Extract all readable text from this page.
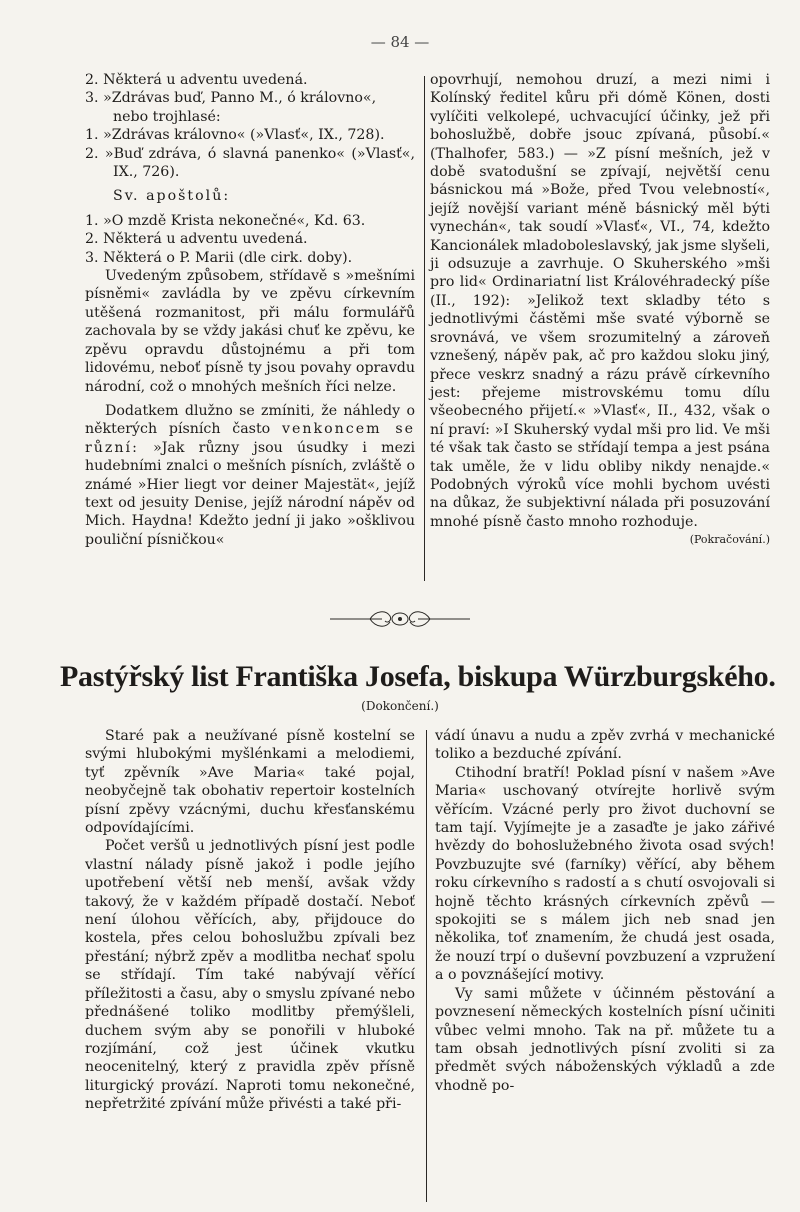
— 84 —

2. Některá u adventu uvedená.

3. »Zdrávas buď, Panno M., ó královno«, nebo trojhlasé:

1. »Zdrávas královno« (»Vlasť«, IX., 728).

2. »Buď zdráva, ó slavná panenko« (»Vlasť«, IX., 726).

Sv. apoštolů:

1. »O mzdě Krista nekonečné«, Kd. 63.

2. Některá u adventu uvedená.

3. Některá o P. Marii (dle cirk. doby).

Uvedeným způsobem, střídavě s »mešními písněmi« zavládla by ve zpěvu církevním utěšená rozmanitost, při málu formulářů zachovala by se vždy jakási chuť ke zpěvu, ke zpěvu opravdu důstojnému a při tom lidovému, neboť písně ty jsou povahy opravdu národní, což o mnohých mešních říci nelze.

Dodatkem dlužno se zmíniti, že náhledy o některých písních často venkoncem se různí: »Jak různy jsou úsudky i mezi hudebními znalci o mešních písních, zvláště o známé »Hier liegt vor deiner Majestät«, jejíž text od jesuity Denise, jejíž národní nápěv od Mich. Haydna! Kdežto jední ji jako »ošklivou pouliční písničkou«

opovrhují, nemohou druzí, a mezi nimi i Kolínský ředitel kůru při dómě Könen, dosti vylíčiti velkolepé, uchvacující účinky, jež při bohoslužbě, dobře jsouc zpívaná, působí.« (Thalhofer, 583.) — »Z písní mešních, jež v době svatodušní se zpívají, největší cenu básnickou má »Bože, před Tvou velebností«, jejíž novější variant méně básnický měl býti vynechán«, tak soudí »Vlasť«, VI., 74, kdežto Kancionálek mladoboleslavský, jak jsme slyšeli, ji odsuzuje a zavrhuje. O Skuherského »mši pro lid« Ordinariatní list Královéhradecký píše (II., 192): »Jelikož text skladby této s jednotlivými částěmi mše svaté výborně se srovnává, ve všem srozumitelný a zároveň vznešený, nápěv pak, ač pro každou sloku jiný, přece veskrz snadný a rázu právě církevního jest: přejeme mistrovskému tomu dílu všeobecného přijetí.« »Vlasť«, II., 432, však o ní praví: »I Skuherský vydal mši pro lid. Ve mši té však tak často se střídají tempa a jest psána tak uměle, že v lidu obliby nikdy nenajde.« Podobných výroků více mohli bychom uvésti na důkaz, že subjektivní nálada při posuzování mnohé písně často mnoho rozhoduje.

(Pokračování.)

Pastýřský list Františka Josefa, biskupa Würzburgského.
(Dokončení.)

Staré pak a neužívané písně kostelní se svými hlubokými myšlénkami a melodiemi, tyť zpěvník »Ave Maria« také pojal, neobyčejně tak obohativ repertoir kostelních písní zpěvy vzácnými, duchu křesťanskému odpovídajícími.

Počet veršů u jednotlivých písní jest podle vlastní nálady písně jakož i podle jejího upotřebení větší neb menší, avšak vždy takový, že v každém případě dostačí. Neboť není úlohou věřících, aby, přijdouce do kostela, přes celou bohoslužbu zpívali bez přestání; nýbrž zpěv a modlitba nechať spolu se střídají. Tím také nabývají věřící příležitosti a času, aby o smyslu zpívané nebo přednášené toliko modlitby přemýšleli, duchem svým aby se ponořili v hluboké rozjímání, což jest účinek vkutku neocenitelný, který z pravidla zpěv přísně liturgický provází. Naproti tomu nekonečné, nepřetržité zpívání může přivésti a také při-

vádí únavu a nudu a zpěv zvrhá v mechanické toliko a bezduché zpívání.

Ctihodní bratří! Poklad písní v našem »Ave Maria« uschovaný otvírejte horlivě svým věřícím. Vzácné perly pro život duchovní se tam tají. Vyjímejte je a zasaďte je jako zářivé hvězdy do bohoslužebného života osad svých! Povzbuzujte své (farníky) věřící, aby během roku církevního s radostí a s chutí osvojovali si hojně těchto krásných církevních zpěvů — spokojiti se s málem jich neb snad jen několika, toť znamením, že chudá jest osada, že nouzí trpí o duševní povzbuzení a vzpružení a o povznášející motivy.

Vy sami můžete v účinném pěstování a povznesení německých kostelních písní učiniti vůbec velmi mnoho. Tak na př. můžete tu a tam obsah jednotlivých písní zvoliti si za předmět svých náboženských výkladů a zde vhodně po-
